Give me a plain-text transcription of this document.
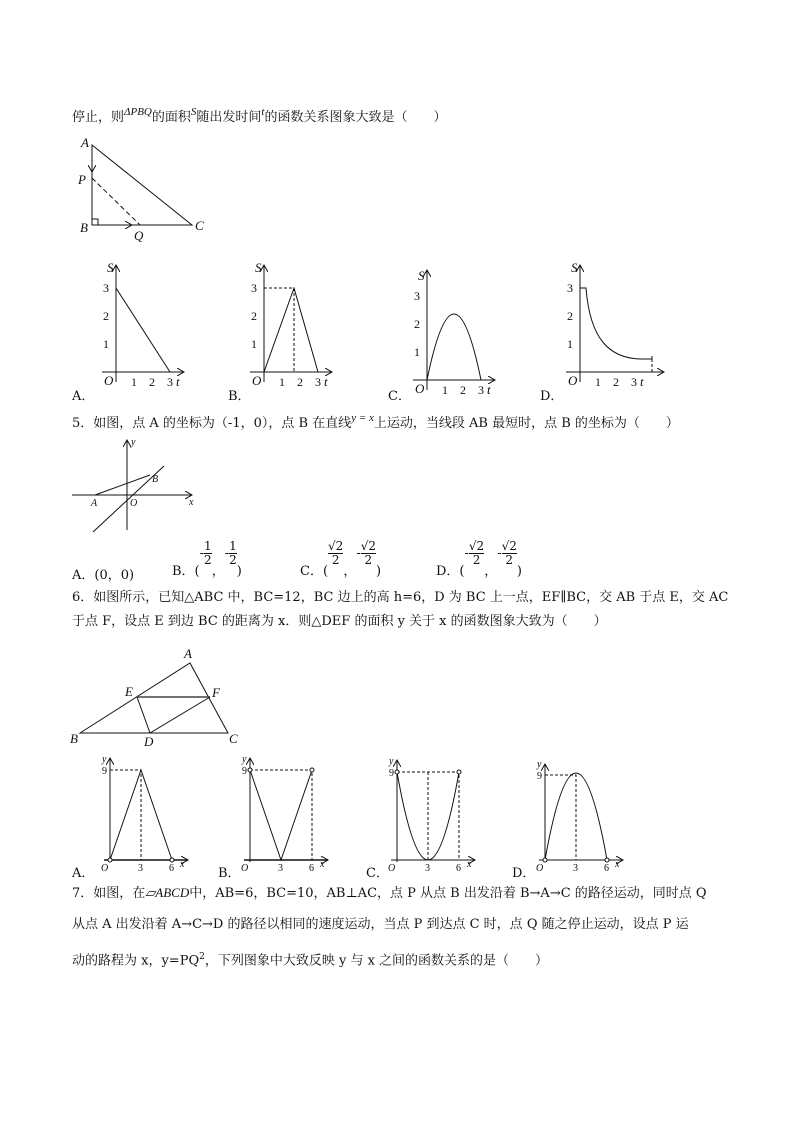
停止，则$^{\Delta PBQ}$的面积$^S$随出发时间$^t$的函数关系图象大致是（　　）
A．	B．	C．	D．
5．如图，点 A 的坐标为（-1，0），点 B 在直线$^{y = x}$上运动，当线段 AB 最短时，点 B 的坐标为（　　）
A．(0，0)	B．(- $\frac{1}{2}$
，- $\frac{1}{2}$
)	C．(
$\frac{√2}{2}$
，- $\frac{√2}{2}$
)	D．(- $\frac{√2}{2}$
，- $\frac{√2}{2}$
)
6．如图所示，已知△ABC 中，BC=12，BC 边上的高 h=6，D 为 BC 上一点，EF∥BC，交 AB 于点 E，交 AC
于点 F，设点 E 到边 BC 的距离为 x．则△DEF 的面积 y 关于 x 的函数图象大致为（　　）
A．	B．	C．	D．
7．如图，在▱ABCD中，AB=6，BC=10，AB⊥AC，点 P 从点 B 出发沿着 B→A→C 的路径运动，同时点 Q
从点 A 出发沿着 A→C→D 的路径以相同的速度运动，当点 P 到达点 C 时，点 Q 随之停止运动，设点 P 运
动的路程为 x，$y=PQ^2$，下列图象中大致反映 y 与 x 之间的函数关系的是（　　）
A
P
B
Q
C
S
t
O 1
3
2
2
3
1
S
t
O 1
3
2
2
3
1
S
t
O 1
3
2
2
3
1
S
t
O 1
3
2
2
3
1
y
x
A	O
B
A
E	F
B	D	C
y
x
O
9
3	6
y
x
O
9
3	6
y
x
O
9
3	6
y
x
O
9
3	6
